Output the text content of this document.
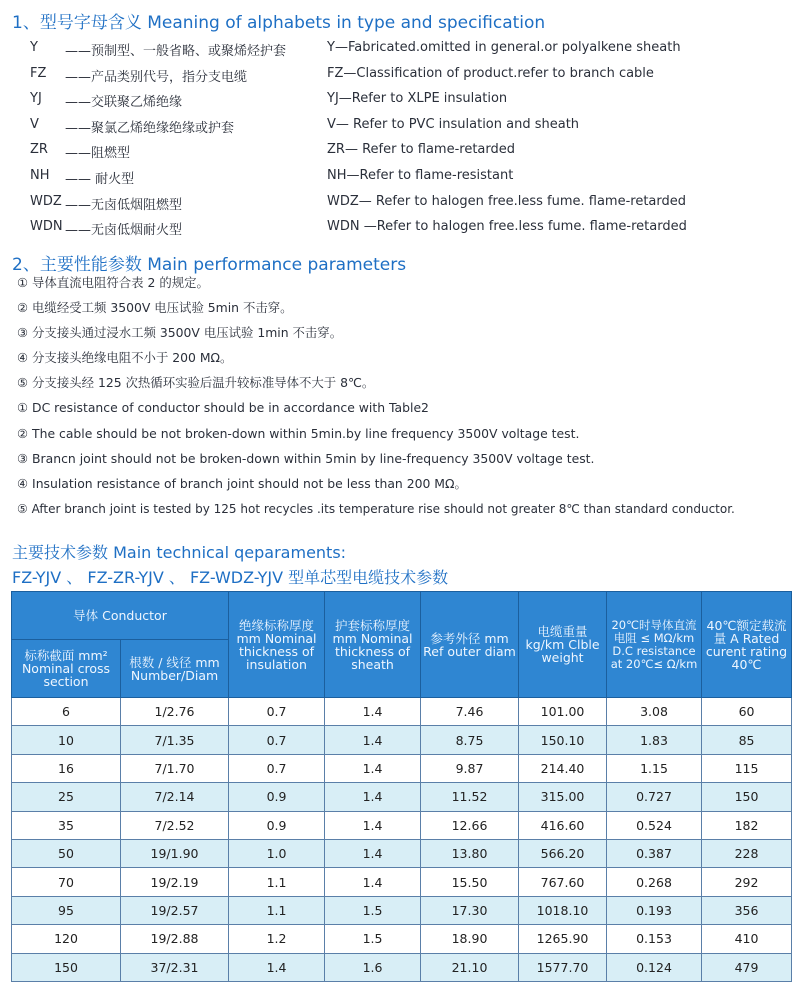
1、型号字母含义 Meaning of alphabets in type and specification
Y ——预制型、一般省略、或聚烯烃护套	Y—Fabricated.omitted in general.or polyalkene sheath
FZ ——产品类别代号，指分支电缆	FZ—Classification of product.refer to branch cable
YJ ——交联聚乙烯绝缘	YJ—Refer to XLPE insulation
V ——聚氯乙烯绝缘绝缘或护套	V— Refer to PVC insulation and sheath
ZR ——阻燃型	ZR— Refer to flame-retarded
NH —— 耐火型	NH—Refer to flame-resistant
WDZ ——无卤低烟阻燃型	WDZ— Refer to halogen free.less fume. flame-retarded
WDN ——无卤低烟耐火型	WDN —Refer to halogen free.less fume. flame-retarded
2、主要性能参数 Main performance parameters
① 导体直流电阻符合表 2 的规定。
② 电缆经受工频 3500V 电压试验 5min 不击穿。
③ 分支接头通过浸水工频 3500V 电压试验 1min 不击穿。
④ 分支接头绝缘电阻不小于 200 MΩ。
⑤ 分支接头经 125 次热循环实验后温升较标准导体不大于 8℃。
① DC resistance of conductor should be in accordance with Table2
② The cable should be not broken-down within 5min.by line frequency 3500V voltage test.
③ Brancn joint should not be broken-down within 5min by line-frequency 3500V voltage test.
④ Insulation resistance of branch joint should not be less than 200 MΩ。
⑤ After branch joint is tested by 125 hot recycles .its temperature rise should not greater 8℃ than standard conductor.
主要技术参数 Main technical qeparaments:
FZ-YJV 、 FZ-ZR-YJV 、 FZ-WDZ-YJV 型单芯型电缆技术参数
导体 Conductor		绝缘标称厚度 mm Nominal thickness of insulation	护套标称厚度 mm Nominal thickness of sheath	参考外径 mm Ref outer diam	电缆重量 kg/km Clble weight	20℃时导体直流电阻 ≤ MΩ/km D.C resistance at 20℃≤ Ω/km	40℃额定载流量 A Rated curent rating 40℃
标称截面 mm² Nominal cross section	根数 / 线径 mm Number/Diam						
6	1/2.76	0.7	1.4	7.46	101.00	3.08	60
10	7/1.35	0.7	1.4	8.75	150.10	1.83	85
16	7/1.70	0.7	1.4	9.87	214.40	1.15	115
25	7/2.14	0.9	1.4	11.52	315.00	0.727	150
35	7/2.52	0.9	1.4	12.66	416.60	0.524	182
50	19/1.90	1.0	1.4	13.80	566.20	0.387	228
70	19/2.19	1.1	1.4	15.50	767.60	0.268	292
95	19/2.57	1.1	1.5	17.30	1018.10	0.193	356
120	19/2.88	1.2	1.5	18.90	1265.90	0.153	410
150	37/2.31	1.4	1.6	21.10	1577.70	0.124	479
